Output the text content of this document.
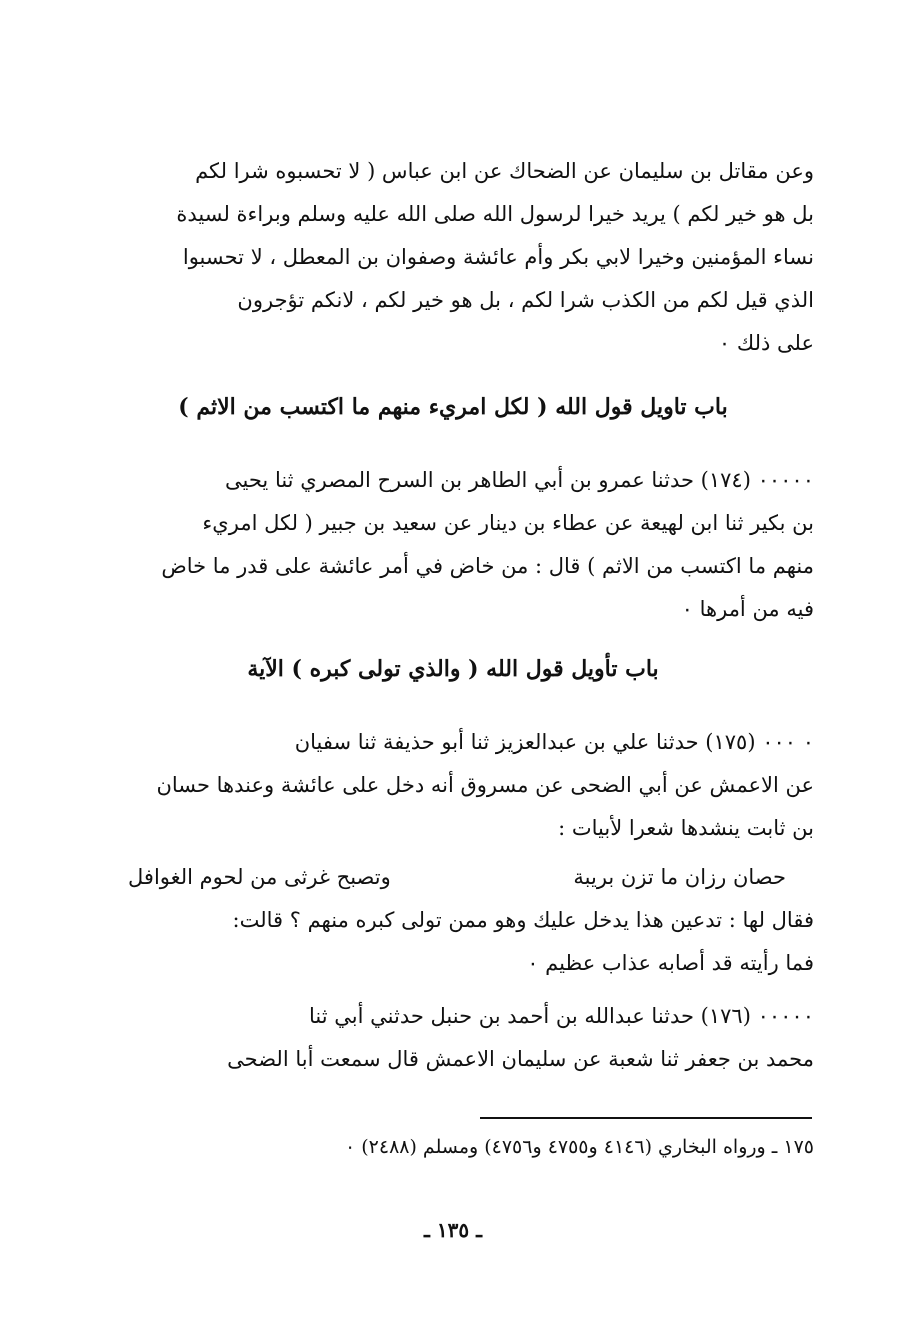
وعن مقاتل بن سليمان عن الضحاك عن ابن عباس ( لا تحسبوه شرا لكم
بل هو خير لكم ) يريد خيرا لرسول الله صلى الله عليه وسلم وبراءة لسيدة
نساء المؤمنين وخيرا لابي بكر وأم عائشة وصفوان بن المعطل ، لا تحسبوا
الذي قيل لكم من الكذب شرا لكم ، بل هو خير لكم ، لانكم تؤجرون
على ذلك ٠
باب تاويل قول الله ( لكل امريء منهم ما اكتسب من الاثم )
٠٠٠٠٠ (١٧٤) حدثنا عمرو بن أبي الطاهر بن السرح المصري ثنا يحيى
بن بكير ثنا ابن لهيعة عن عطاء بن دينار عن سعيد بن جبير ( لكل امريء
منهم ما اكتسب من الاثم ) قال : من خاض في أمر عائشة على قدر ما خاض
فيه من أمرها ٠
باب تأويل قول الله ( والذي تولى كبره ) الآية
٠ ٠٠٠ (١٧٥) حدثنا علي بن عبدالعزيز ثنا أبو حذيفة ثنا سفيان
عن الاعمش عن أبي الضحى عن مسروق أنه دخل على عائشة وعندها حسان
بن ثابت ينشدها شعرا لأبيات :
حصان رزان ما تزن بريبة
وتصبح غرثى من لحوم الغوافل
فقال لها : تدعين هذا يدخل عليك وهو ممن تولى كبره منهم ؟ قالت:
فما رأيته قد أصابه عذاب عظيم ٠
٠٠٠٠٠ (١٧٦) حدثنا عبدالله بن أحمد بن حنبل حدثني أبي ثنا
محمد بن جعفر ثنا شعبة عن سليمان الاعمش قال سمعت أبا الضحى
١٧٥ ـ ورواه البخاري (٤١٤٦ و٤٧٥٥ و٤٧٥٦) ومسلم (٢٤٨٨) ٠
ـ ١٣٥ ـ
